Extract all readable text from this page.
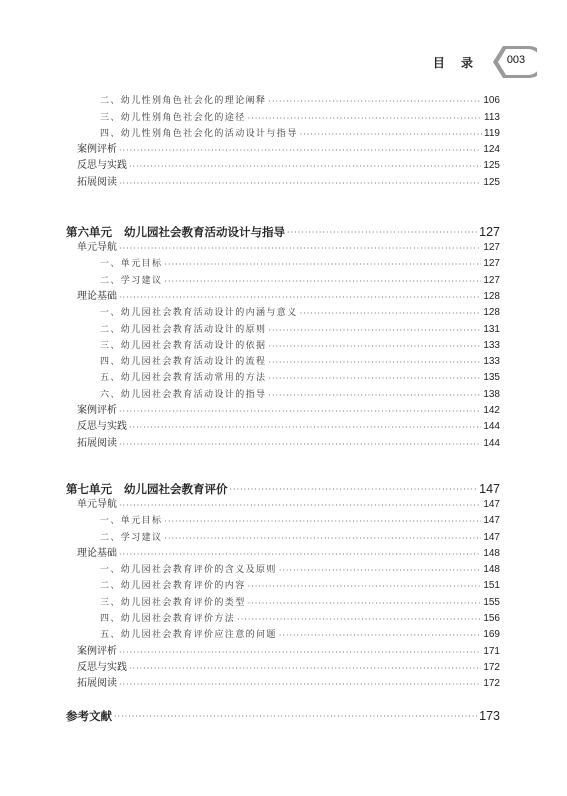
目 录	003
二、幼儿性别角色社会化的理论阐释 ·····	106
三、幼儿性别角色社会化的途径 ·····	113
四、幼儿性别角色社会化的活动设计与指导 ·····	119
案例评析 ·····	124
反思与实践 ·····	125
拓展阅读 ·····	125
第六单元 幼儿园社会教育活动设计与指导 ·····	127
单元导航 ·····	127
一、单元目标 ·····	127
二、学习建议 ·····	127
理论基础 ·····	128
一、幼儿园社会教育活动设计的内涵与意义 ·····	128
二、幼儿园社会教育活动设计的原则 ·····	131
三、幼儿园社会教育活动设计的依据 ·····	133
四、幼儿园社会教育活动设计的流程 ·····	133
五、幼儿园社会教育活动常用的方法 ·····	135
六、幼儿园社会教育活动设计的指导 ·····	138
案例评析 ·····	142
反思与实践 ·····	144
拓展阅读 ·····	144
第七单元 幼儿园社会教育评价 ·····	147
单元导航 ·····	147
一、单元目标 ·····	147
二、学习建议 ·····	147
理论基础 ·····	148
一、幼儿园社会教育评价的含义及原则 ·····	148
二、幼儿园社会教育评价的内容 ·····	151
三、幼儿园社会教育评价的类型 ·····	155
四、幼儿园社会教育评价方法 ·····	156
五、幼儿园社会教育评价应注意的问题 ·····	169
案例评析 ·····	171
反思与实践 ·····	172
拓展阅读 ·····	172
参考文献 ·····	173
